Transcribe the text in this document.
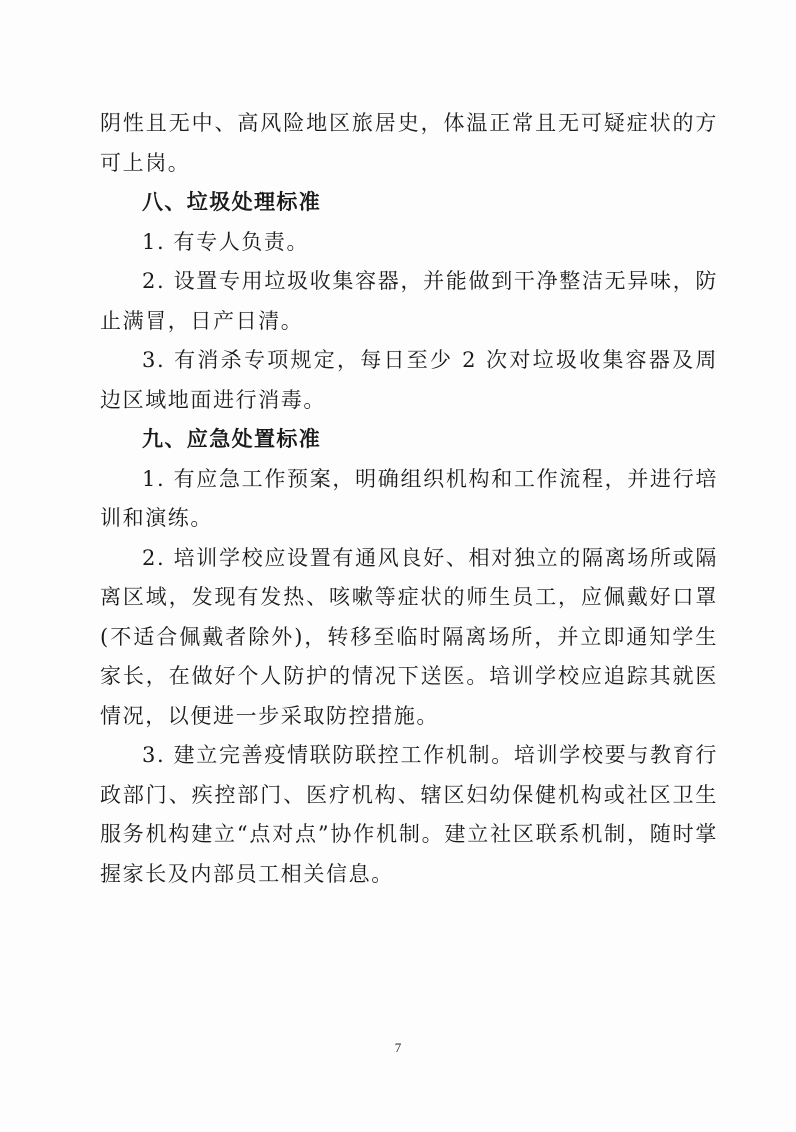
阴性且无中、高风险地区旅居史，体温正常且无可疑症状的方可上岗。

八、垃圾处理标准

1. 有专人负责。

2. 设置专用垃圾收集容器，并能做到干净整洁无异味，防止满冒，日产日清。

3. 有消杀专项规定，每日至少 2 次对垃圾收集容器及周边区域地面进行消毒。

九、应急处置标准

1. 有应急工作预案，明确组织机构和工作流程，并进行培训和演练。

2. 培训学校应设置有通风良好、相对独立的隔离场所或隔离区域，发现有发热、咳嗽等症状的师生员工，应佩戴好口罩(不适合佩戴者除外)，转移至临时隔离场所，并立即通知学生家长，在做好个人防护的情况下送医。培训学校应追踪其就医情况，以便进一步采取防控措施。

3. 建立完善疫情联防联控工作机制。培训学校要与教育行政部门、疾控部门、医疗机构、辖区妇幼保健机构或社区卫生服务机构建立“点对点”协作机制。建立社区联系机制，随时掌握家长及内部员工相关信息。

7
